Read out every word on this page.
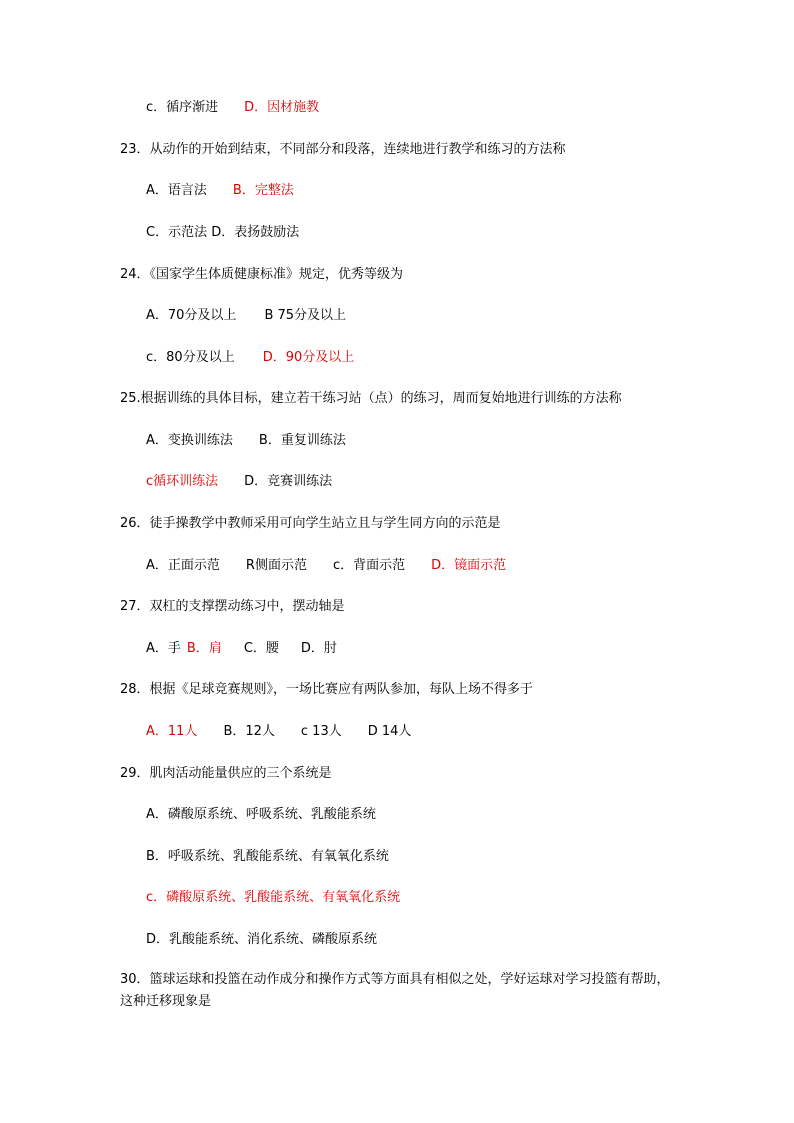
c．循序渐进 D．因材施教
23．从动作的开始到结束，不同部分和段落，连续地进行教学和练习的方法称
A．语言法 B．完整法
C．示范法 D．表扬鼓励法
24．《国家学生体质健康标准》规定，优秀等级为
A．70分及以上 B 75分及以上
c．80分及以上 D．90分及以上
25.根据训练的具体目标，建立若干练习站（点）的练习，周而复始地进行训练的方法称
A．变换训练法 B．重复训练法
c循环训练法 D．竞赛训练法
26．徒手操教学中教师采用可向学生站立且与学生同方向的示范是
A．正面示范 R侧面示范 c．背面示范 D．镜面示范
27．双杠的支撑摆动练习中，摆动轴是
A．手 B．肩 C．腰 D．肘
28．根据《足球竞赛规则》，一场比赛应有两队参加，每队上场不得多于
A．11人 B．12人 c 13人 D 14人
29．肌肉活动能量供应的三个系统是
A．磷酸原系统、呼吸系统、乳酸能系统
B．呼吸系统、乳酸能系统、有氧氧化系统
c．磷酸原系统、乳酸能系统、有氧氧化系统
D．乳酸能系统、消化系统、磷酸原系统
30．篮球运球和投篮在动作成分和操作方式等方面具有相似之处，学好运球对学习投篮有帮助，这种迁移现象是
